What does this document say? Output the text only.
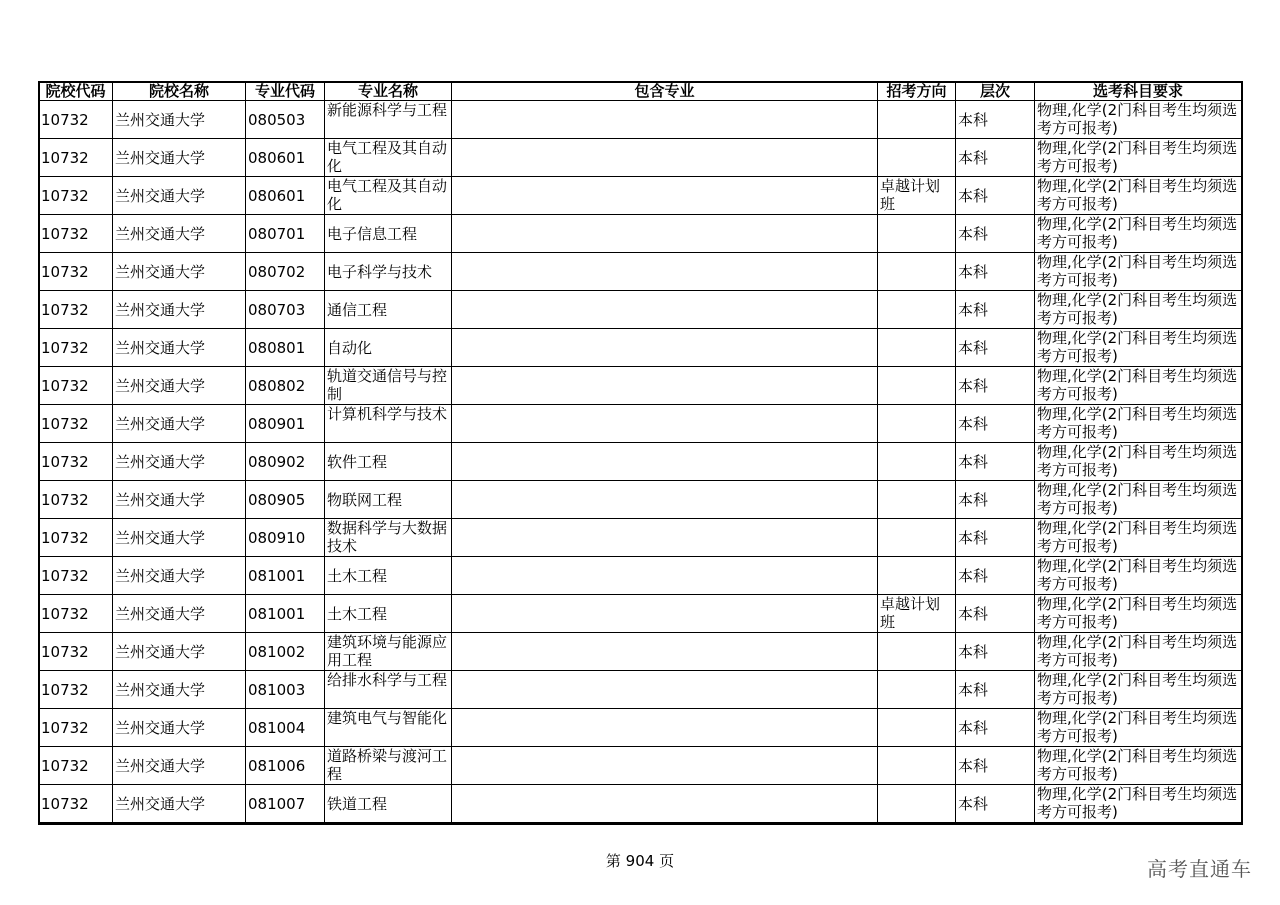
院校代码	院校名称	专业代码	专业名称	包含专业	招考方向	层次	选考科目要求
10732	兰州交通大学	080503	新能源科学与工程			本科	物理,化学(2门科目考生均须选考方可报考)
10732	兰州交通大学	080601	电气工程及其自动化			本科	物理,化学(2门科目考生均须选考方可报考)
10732	兰州交通大学	080601	电气工程及其自动化		卓越计划班	本科	物理,化学(2门科目考生均须选考方可报考)
10732	兰州交通大学	080701	电子信息工程			本科	物理,化学(2门科目考生均须选考方可报考)
10732	兰州交通大学	080702	电子科学与技术			本科	物理,化学(2门科目考生均须选考方可报考)
10732	兰州交通大学	080703	通信工程			本科	物理,化学(2门科目考生均须选考方可报考)
10732	兰州交通大学	080801	自动化			本科	物理,化学(2门科目考生均须选考方可报考)
10732	兰州交通大学	080802	轨道交通信号与控制			本科	物理,化学(2门科目考生均须选考方可报考)
10732	兰州交通大学	080901	计算机科学与技术			本科	物理,化学(2门科目考生均须选考方可报考)
10732	兰州交通大学	080902	软件工程			本科	物理,化学(2门科目考生均须选考方可报考)
10732	兰州交通大学	080905	物联网工程			本科	物理,化学(2门科目考生均须选考方可报考)
10732	兰州交通大学	080910	数据科学与大数据技术			本科	物理,化学(2门科目考生均须选考方可报考)
10732	兰州交通大学	081001	土木工程			本科	物理,化学(2门科目考生均须选考方可报考)
10732	兰州交通大学	081001	土木工程		卓越计划班	本科	物理,化学(2门科目考生均须选考方可报考)
10732	兰州交通大学	081002	建筑环境与能源应用工程			本科	物理,化学(2门科目考生均须选考方可报考)
10732	兰州交通大学	081003	给排水科学与工程			本科	物理,化学(2门科目考生均须选考方可报考)
10732	兰州交通大学	081004	建筑电气与智能化			本科	物理,化学(2门科目考生均须选考方可报考)
10732	兰州交通大学	081006	道路桥梁与渡河工程			本科	物理,化学(2门科目考生均须选考方可报考)
10732	兰州交通大学	081007	铁道工程			本科	物理,化学(2门科目考生均须选考方可报考)
第 904 页	高考直通车
